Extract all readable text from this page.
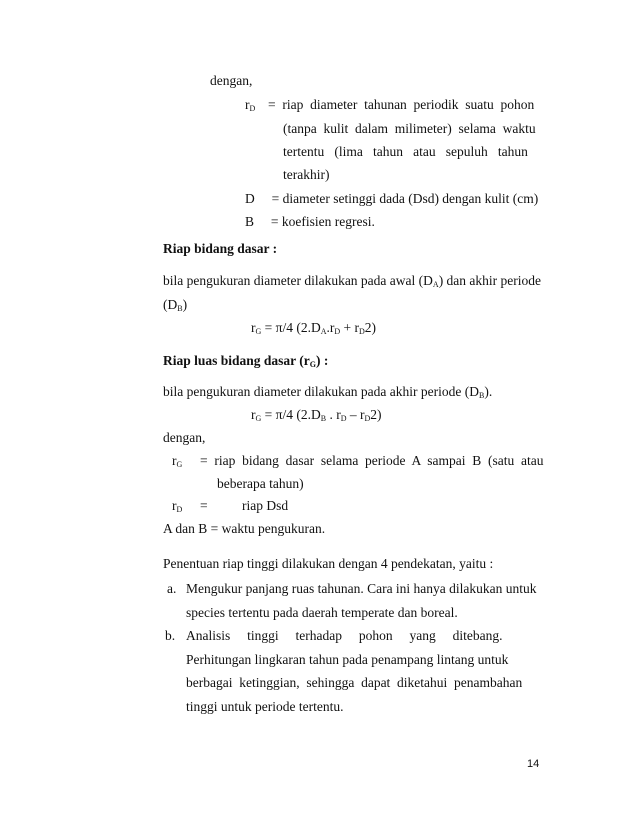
dengan,
$r_D$ =  riap  diameter  tahunan  periodik  suatu  pohon
(tanpa  kulit  dalam  milimeter)  selama  waktu
tertentu   (lima   tahun   atau   sepuluh   tahun
terakhir)
D     = diameter setinggi dada (Dsd) dengan kulit (cm)
B     = koefisien regresi.
Riap bidang dasar :
bila pengukuran diameter dilakukan pada awal $(D_A)$ dan akhir periode
$(D_B)$
$r_G = \pi/4$ $(2.D_A.r_D + r_D2)$
Riap luas bidang dasar $(r_G)$ :
bila pengukuran diameter dilakukan pada akhir periode $(D_B)$.
$r_G = \pi/4$ ($2.D_B$ . $r_D - r_D2$)
dengan,
$r_G$ =  riap  bidang  dasar  selama  periode  A  sampai  B  (satu  atau
beberapa tahun)
$r_D$ =	riap Dsd
A dan B = waktu pengukuran.
Penentuan riap tinggi dilakukan dengan 4 pendekatan, yaitu :
a. Mengukur panjang ruas tahunan. Cara ini hanya dilakukan untuk
species tertentu pada daerah temperate dan boreal.
b. Analisis     tinggi     terhadap     pohon     yang     ditebang.
Perhitungan lingkaran tahun pada penampang lintang untuk
berbagai  ketinggian,  sehingga  dapat  diketahui  penambahan
tinggi untuk periode tertentu.
14
